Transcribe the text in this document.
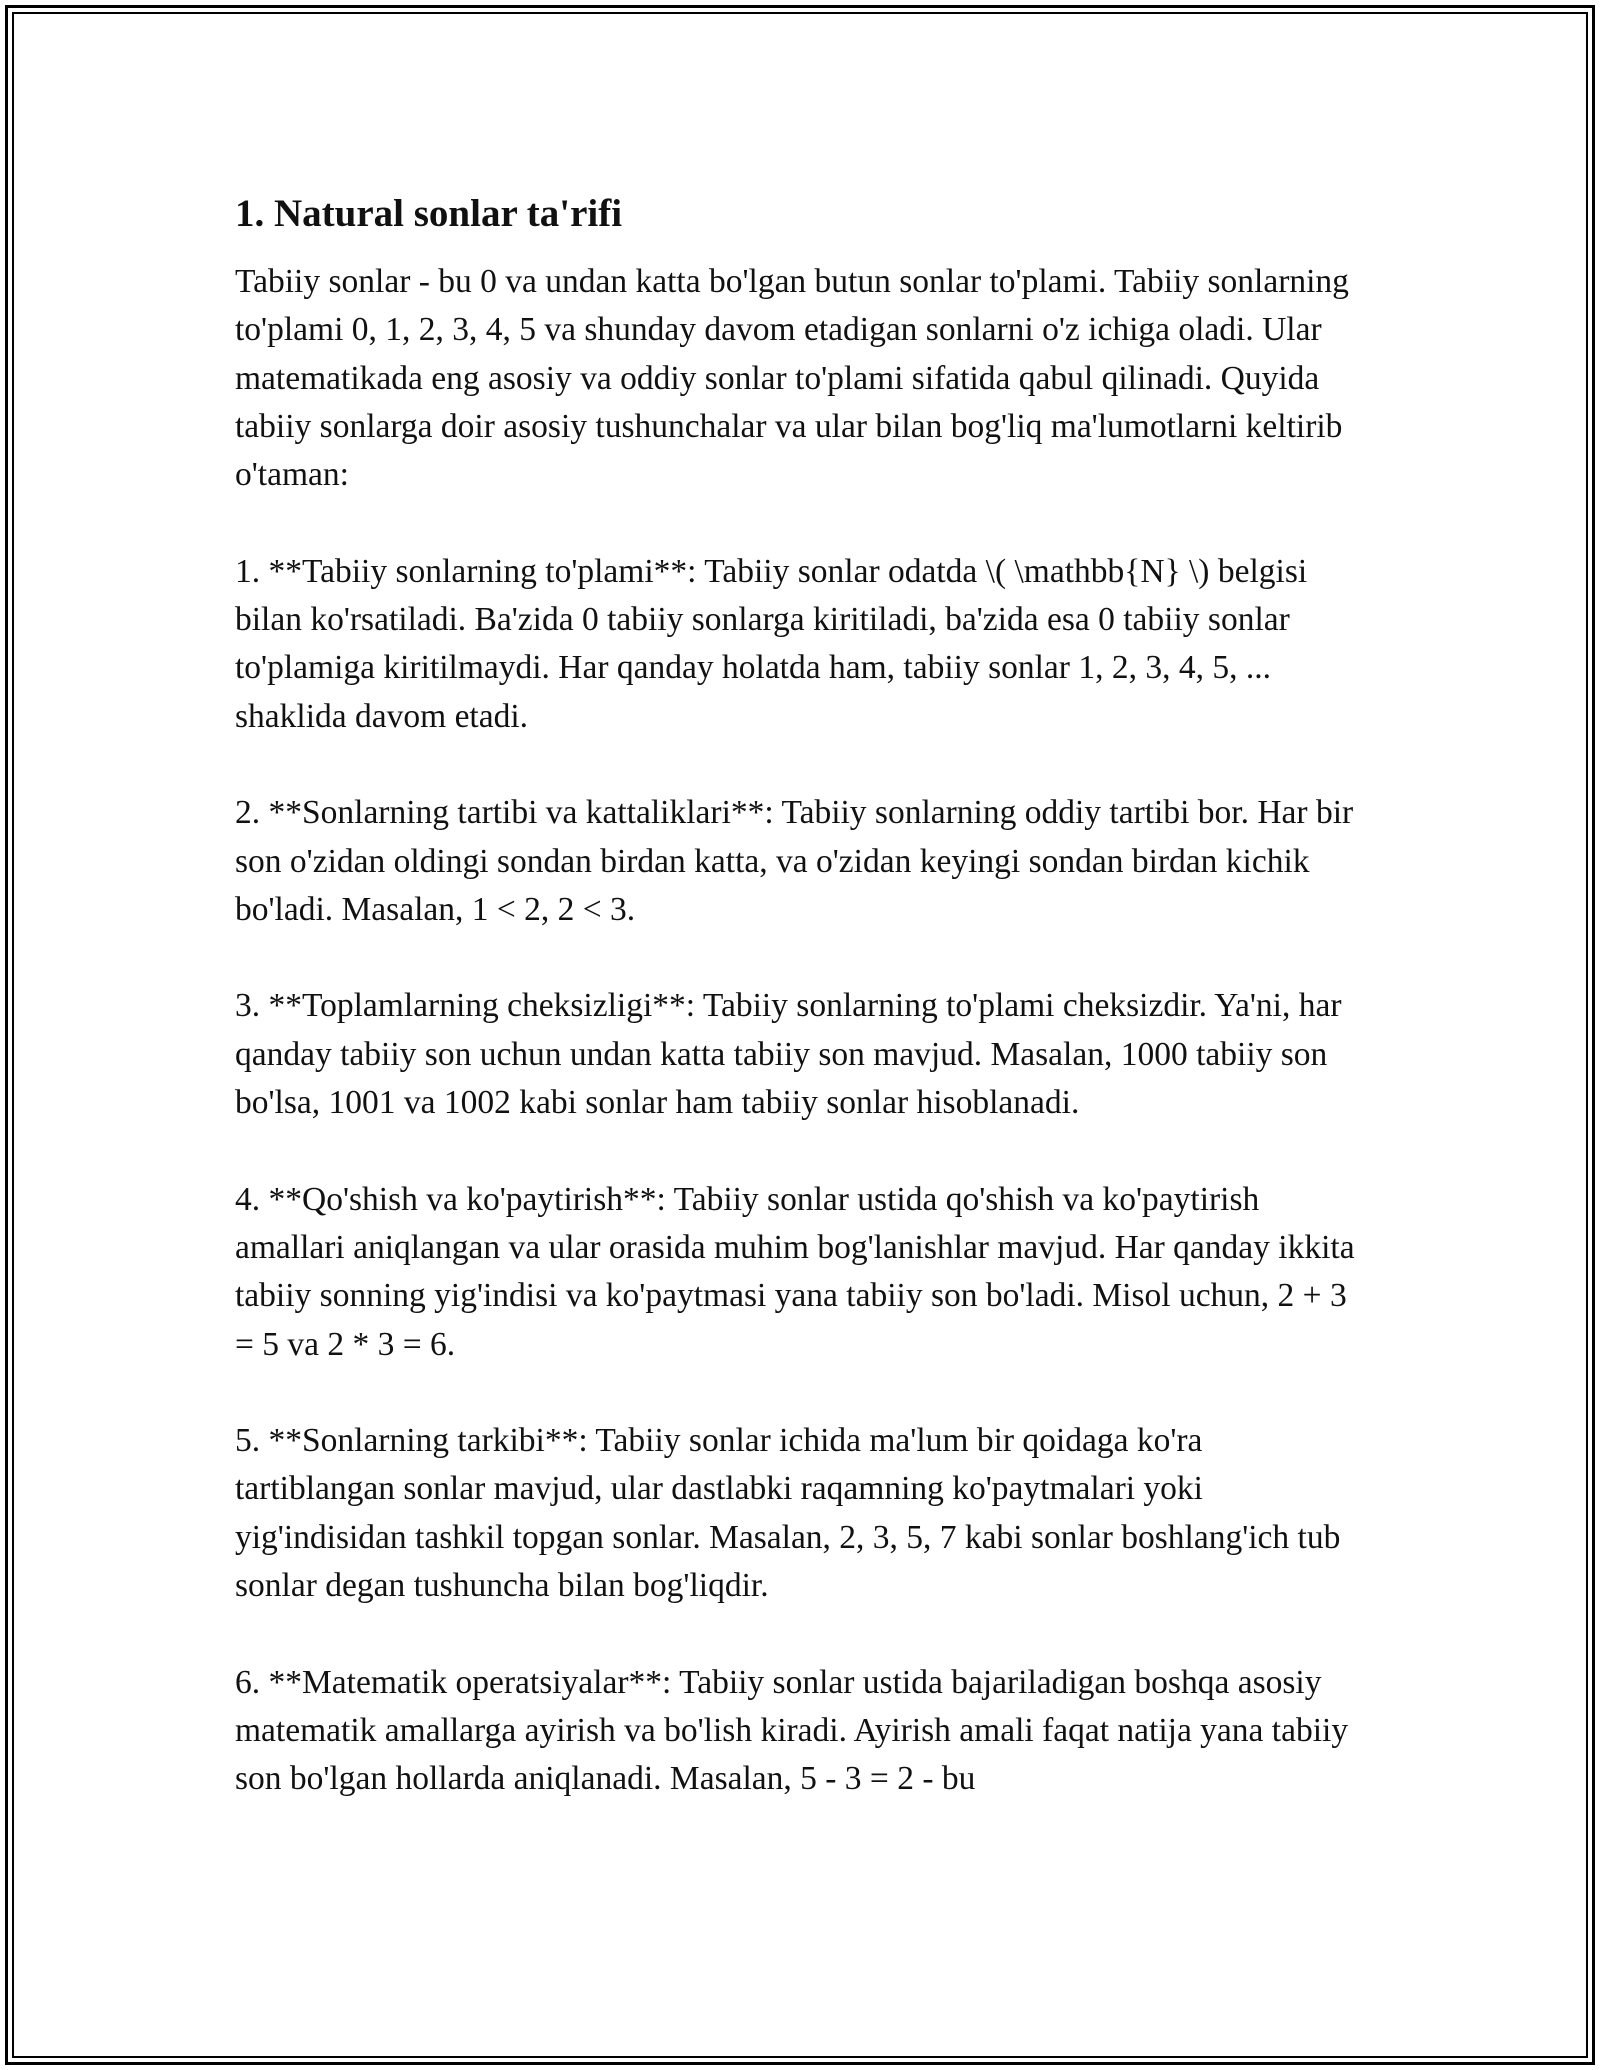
1. Natural sonlar ta'rifi

Tabiiy sonlar - bu 0 va undan katta bo'lgan butun sonlar to'plami. Tabiiy sonlarning to'plami 0, 1, 2, 3, 4, 5 va shunday davom etadigan sonlarni o'z ichiga oladi. Ular matematikada eng asosiy va oddiy sonlar to'plami sifatida qabul qilinadi. Quyida tabiiy sonlarga doir asosiy tushunchalar va ular bilan bog'liq ma'lumotlarni keltirib o'taman:

1. **Tabiiy sonlarning to'plami**: Tabiiy sonlar odatda \( \mathbb{N} \) belgisi bilan ko'rsatiladi. Ba'zida 0 tabiiy sonlarga kiritiladi, ba'zida esa 0 tabiiy sonlar to'plamiga kiritilmaydi. Har qanday holatda ham, tabiiy sonlar 1, 2, 3, 4, 5, ... shaklida davom etadi.

2. **Sonlarning tartibi va kattaliklari**: Tabiiy sonlarning oddiy tartibi bor. Har bir son o'zidan oldingi sondan birdan katta, va o'zidan keyingi sondan birdan kichik bo'ladi. Masalan, 1 < 2, 2 < 3.

3. **Toplamlarning cheksizligi**: Tabiiy sonlarning to'plami cheksizdir. Ya'ni, har qanday tabiiy son uchun undan katta tabiiy son mavjud. Masalan, 1000 tabiiy son bo'lsa, 1001 va 1002 kabi sonlar ham tabiiy sonlar hisoblanadi.

4. **Qo'shish va ko'paytirish**: Tabiiy sonlar ustida qo'shish va ko'paytirish amallari aniqlangan va ular orasida muhim bog'lanishlar mavjud. Har qanday ikkita tabiiy sonning yig'indisi va ko'paytmasi yana tabiiy son bo'ladi. Misol uchun, 2 + 3 = 5 va 2 * 3 = 6.

5. **Sonlarning tarkibi**: Tabiiy sonlar ichida ma'lum bir qoidaga ko'ra tartiblangan sonlar mavjud, ular dastlabki raqamning ko'paytmalari yoki yig'indisidan tashkil topgan sonlar. Masalan, 2, 3, 5, 7 kabi sonlar boshlang'ich tub sonlar degan tushuncha bilan bog'liqdir.

6. **Matematik operatsiyalar**: Tabiiy sonlar ustida bajariladigan boshqa asosiy matematik amallarga ayirish va bo'lish kiradi. Ayirish amali faqat natija yana tabiiy son bo'lgan hollarda aniqlanadi. Masalan, 5 - 3 = 2 - bu
